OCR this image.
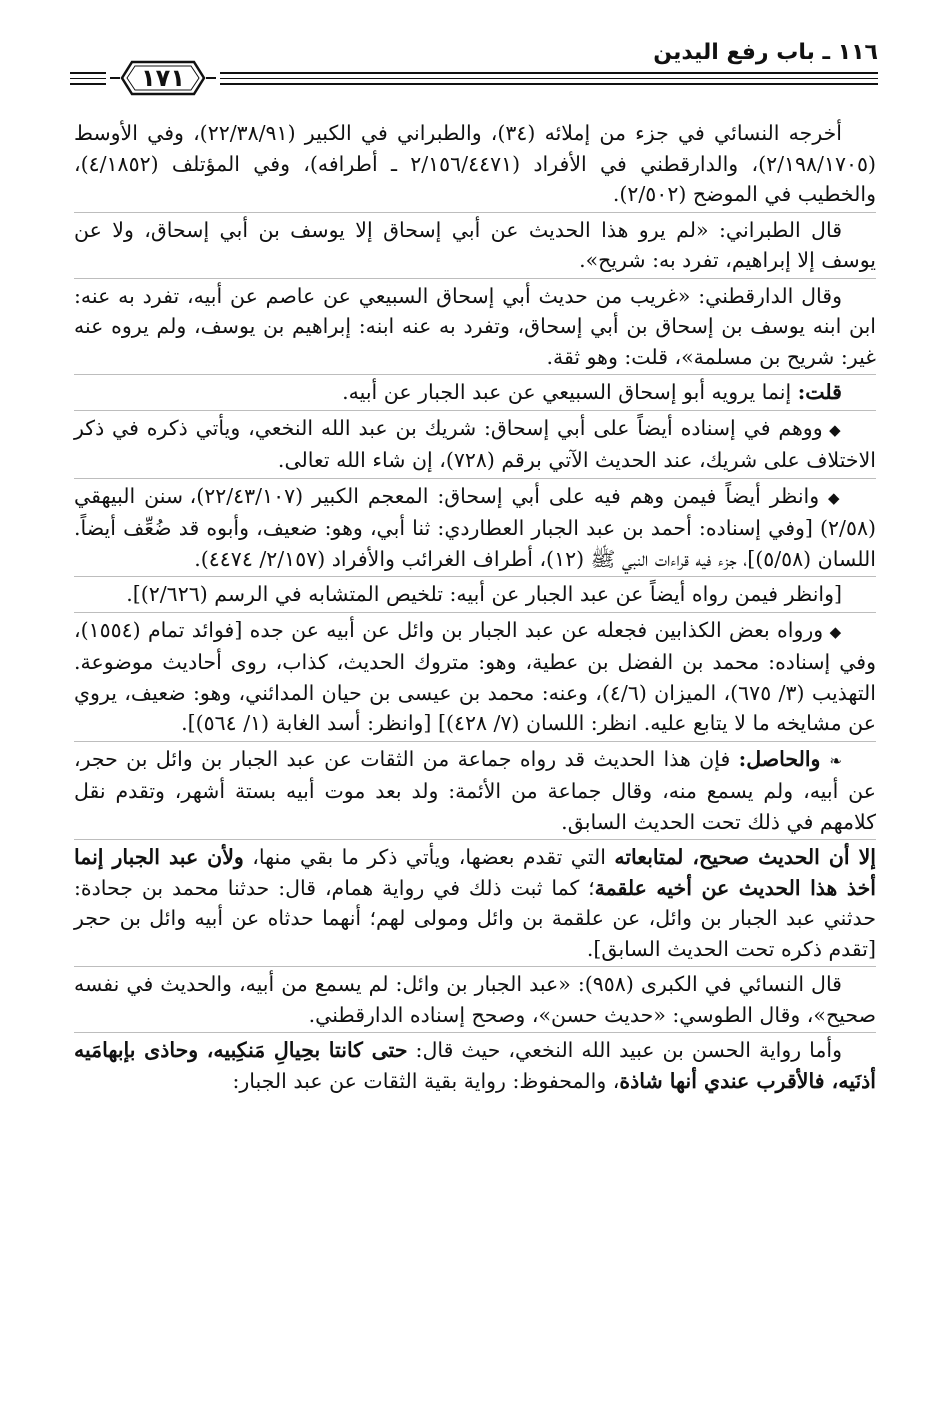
١١٦ ـ باب رفع اليدين
١٧١

أخرجه النسائي في جزء من إملائه (٣٤)، والطبراني في الكبير (٢٢/٣٨/٩١)، وفي الأوسط (٢/١٩٨/١٧٠٥)، والدارقطني في الأفراد (٢/١٥٦/٤٤٧١ ـ أطرافه)، وفي المؤتلف (٤/١٨٥٢)، والخطيب في الموضح (٢/٥٠٢).

قال الطبراني: «لم يرو هذا الحديث عن أبي إسحاق إلا يوسف بن أبي إسحاق، ولا عن يوسف إلا إبراهيم، تفرد به: شريح».

وقال الدارقطني: «غريب من حديث أبي إسحاق السبيعي عن عاصم عن أبيه، تفرد به عنه: ابن ابنه يوسف بن إسحاق بن أبي إسحاق، وتفرد به عنه ابنه: إبراهيم بن يوسف، ولم يروه عنه غير: شريح بن مسلمة»، قلت: وهو ثقة.

قلت: إنما يرويه أبو إسحاق السبيعي عن عبد الجبار عن أبيه.

◆ ووهم في إسناده أيضاً على أبي إسحاق: شريك بن عبد الله النخعي، ويأتي ذكره في ذكر الاختلاف على شريك، عند الحديث الآتي برقم (٧٢٨)، إن شاء الله تعالى.

◆ وانظر أيضاً فيمن وهم فيه على أبي إسحاق: المعجم الكبير (٢٢/٤٣/١٠٧)، سنن البيهقي (٢/٥٨) [وفي إسناده: أحمد بن عبد الجبار العطاردي: ثنا أبي، وهو: ضعيف، وأبوه قد ضُعِّف أيضاً. اللسان (٥/٥٨)]، جزء فيه قراءات النبي ﷺ (١٢)، أطراف الغرائب والأفراد (٢/١٥٧/ ٤٤٧٤).

[وانظر فيمن رواه أيضاً عن عبد الجبار عن أبيه: تلخيص المتشابه في الرسم (٢/٦٢٦)].

◆ ورواه بعض الكذابين فجعله عن عبد الجبار بن وائل عن أبيه عن جده [فوائد تمام (١٥٥٤)، وفي إسناده: محمد بن الفضل بن عطية، وهو: متروك الحديث، كذاب، روى أحاديث موضوعة. التهذيب (٣/ ٦٧٥)، الميزان (٤/٦)، وعنه: محمد بن عيسى بن حيان المدائني، وهو: ضعيف، يروي عن مشايخه ما لا يتابع عليه. انظر: اللسان (٧/ ٤٢٨)] [وانظر: أسد الغابة (١/ ٥٦٤)].

❧ والحاصل: فإن هذا الحديث قد رواه جماعة من الثقات عن عبد الجبار بن وائل بن حجر، عن أبيه، ولم يسمع منه، وقال جماعة من الأئمة: ولد بعد موت أبيه بستة أشهر، وتقدم نقل كلامهم في ذلك تحت الحديث السابق.

إلا أن الحديث صحيح، لمتابعاته التي تقدم بعضها، ويأتي ذكر ما بقي منها، ولأن عبد الجبار إنما أخذ هذا الحديث عن أخيه علقمة؛ كما ثبت ذلك في رواية همام، قال: حدثنا محمد بن جحادة: حدثني عبد الجبار بن وائل، عن علقمة بن وائل ومولى لهم؛ أنهما حدثاه عن أبيه وائل بن حجر [تقدم ذكره تحت الحديث السابق].

قال النسائي في الكبرى (٩٥٨): «عبد الجبار بن وائل: لم يسمع من أبيه، والحديث في نفسه صحيح»، وقال الطوسي: «حديث حسن»، وصحح إسناده الدارقطني.

وأما رواية الحسن بن عبيد الله النخعي، حيث قال: حتى كانتا بحِيالِ مَنكِبيه، وحاذى بإبهامَيه أذنَيه، فالأقرب عندي أنها شاذة، والمحفوظ: رواية بقية الثقات عن عبد الجبار:
